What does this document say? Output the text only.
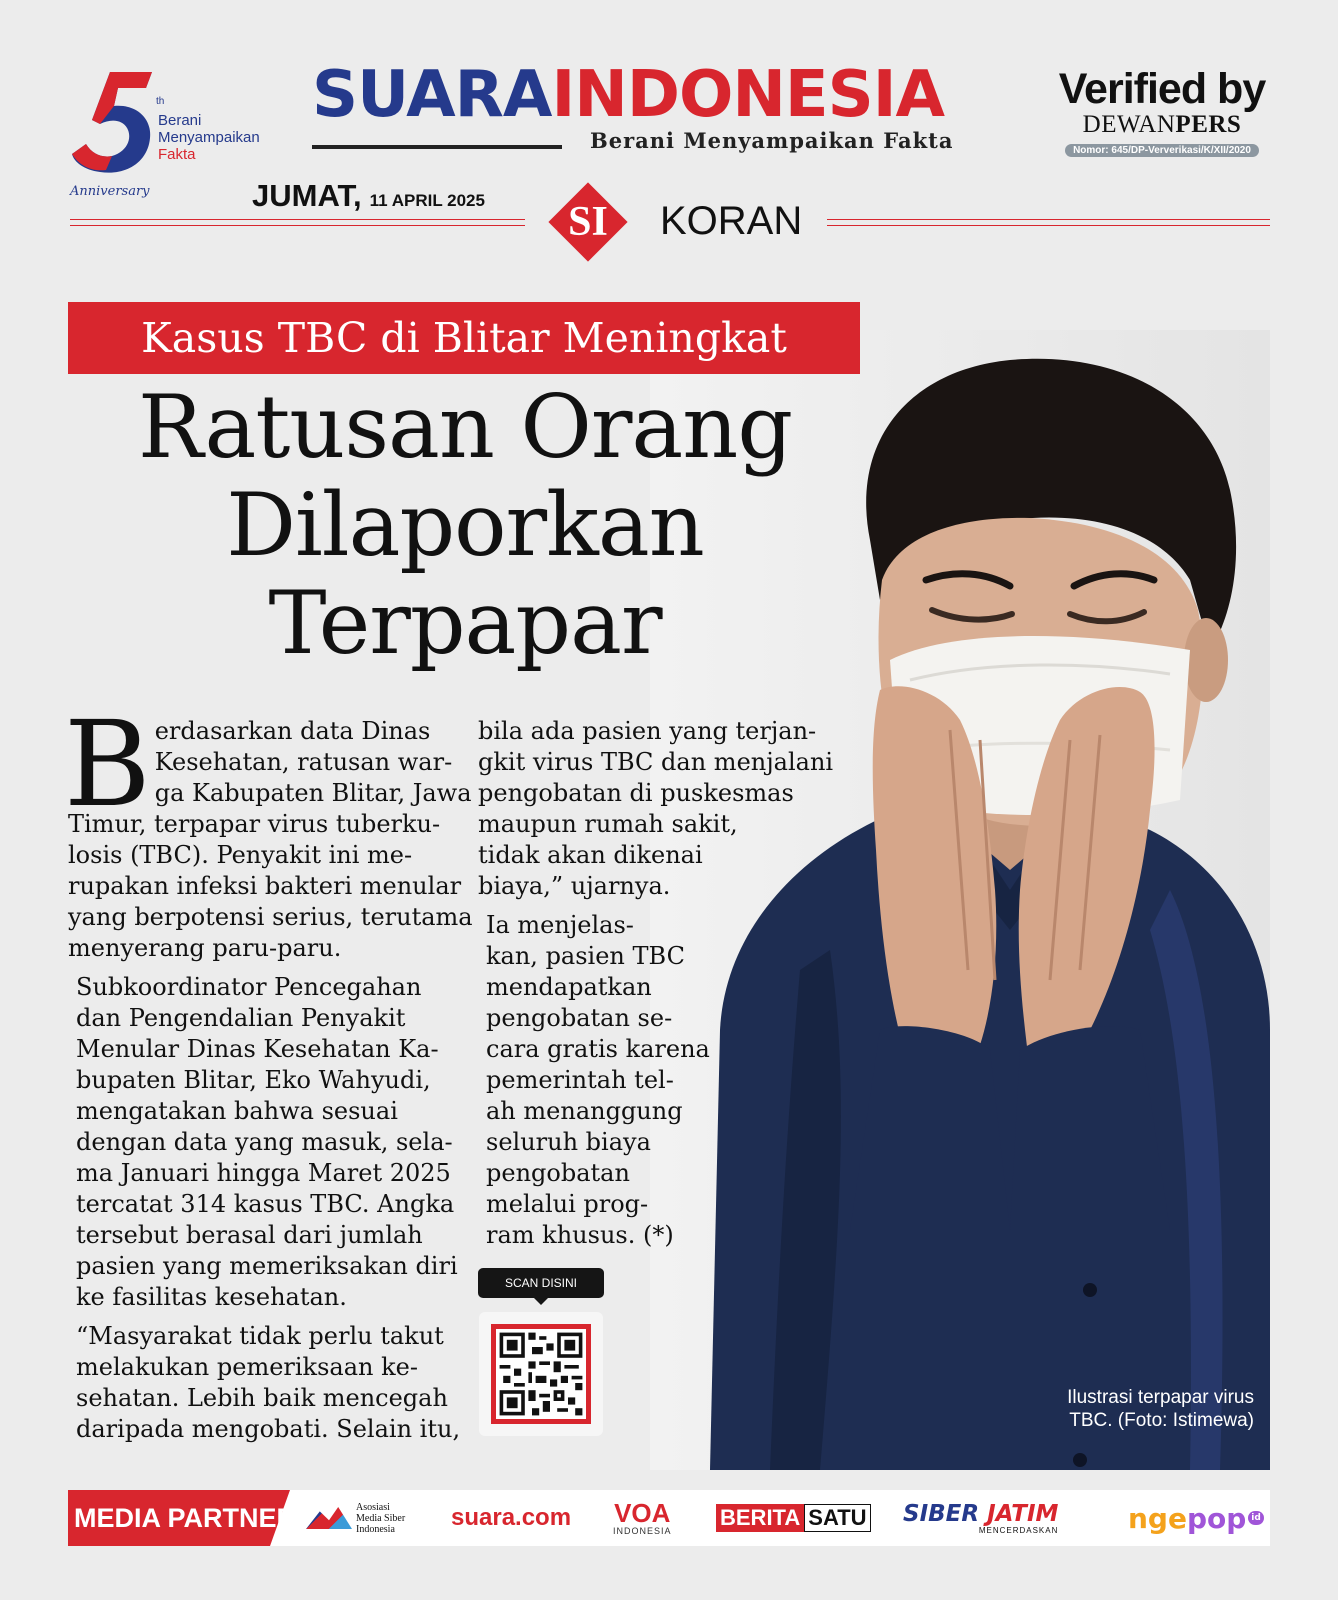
th
Berani
Menyampaikan
Fakta
Anniversary
SUARAINDONESIA
Berani Menyampaikan Fakta
Verified by
DEWANPERS
Nomor: 645/DP-Ververikasi/K/XII/2020
JUMAT, 11 APRIL 2025	SI	KORAN
Ilustrasi terpapar virus
TBC. (Foto: Istimewa)
Kasus TBC di Blitar Meningkat
Ratusan Orang
Dilaporkan
Terpapar
B erdasarkan data Dinas
Kesehatan, ratusan war-
ga Kabupaten Blitar, Jawa
Timur, terpapar virus tuberku-
losis (TBC). Penyakit ini me-
rupakan infeksi bakteri menular
yang berpotensi serius, terutama
menyerang paru-paru.
Subkoordinator Pencegahan
dan Pengendalian Penyakit
Menular Dinas Kesehatan Ka-
bupaten Blitar, Eko Wahyudi,
mengatakan bahwa sesuai
dengan data yang masuk, sela-
ma Januari hingga Maret 2025
tercatat 314 kasus TBC. Angka
tersebut berasal dari jumlah
pasien yang memeriksakan diri
ke fasilitas kesehatan.
“Masyarakat tidak perlu takut
melakukan pemeriksaan ke-
sehatan. Lebih baik mencegah
daripada mengobati. Selain itu,
bila ada pasien yang terjan-
gkit virus TBC dan menjalani
pengobatan di puskesmas
maupun rumah sakit,
tidak akan dikenai
biaya,” ujarnya.
Ia menjelas-
kan, pasien TBC
mendapatkan
pengobatan se-
cara gratis karena
pemerintah tel-
ah menanggung
seluruh biaya
pengobatan
melalui prog-
ram khusus. (*)
SCAN DISINI
MEDIA PARTNER	Asosiasi
Media Siber
Indonesia	suara.com VOA
INDONESIA
BERITA SATU SIBER JATIM
MENCERDASKAN nge pop id
